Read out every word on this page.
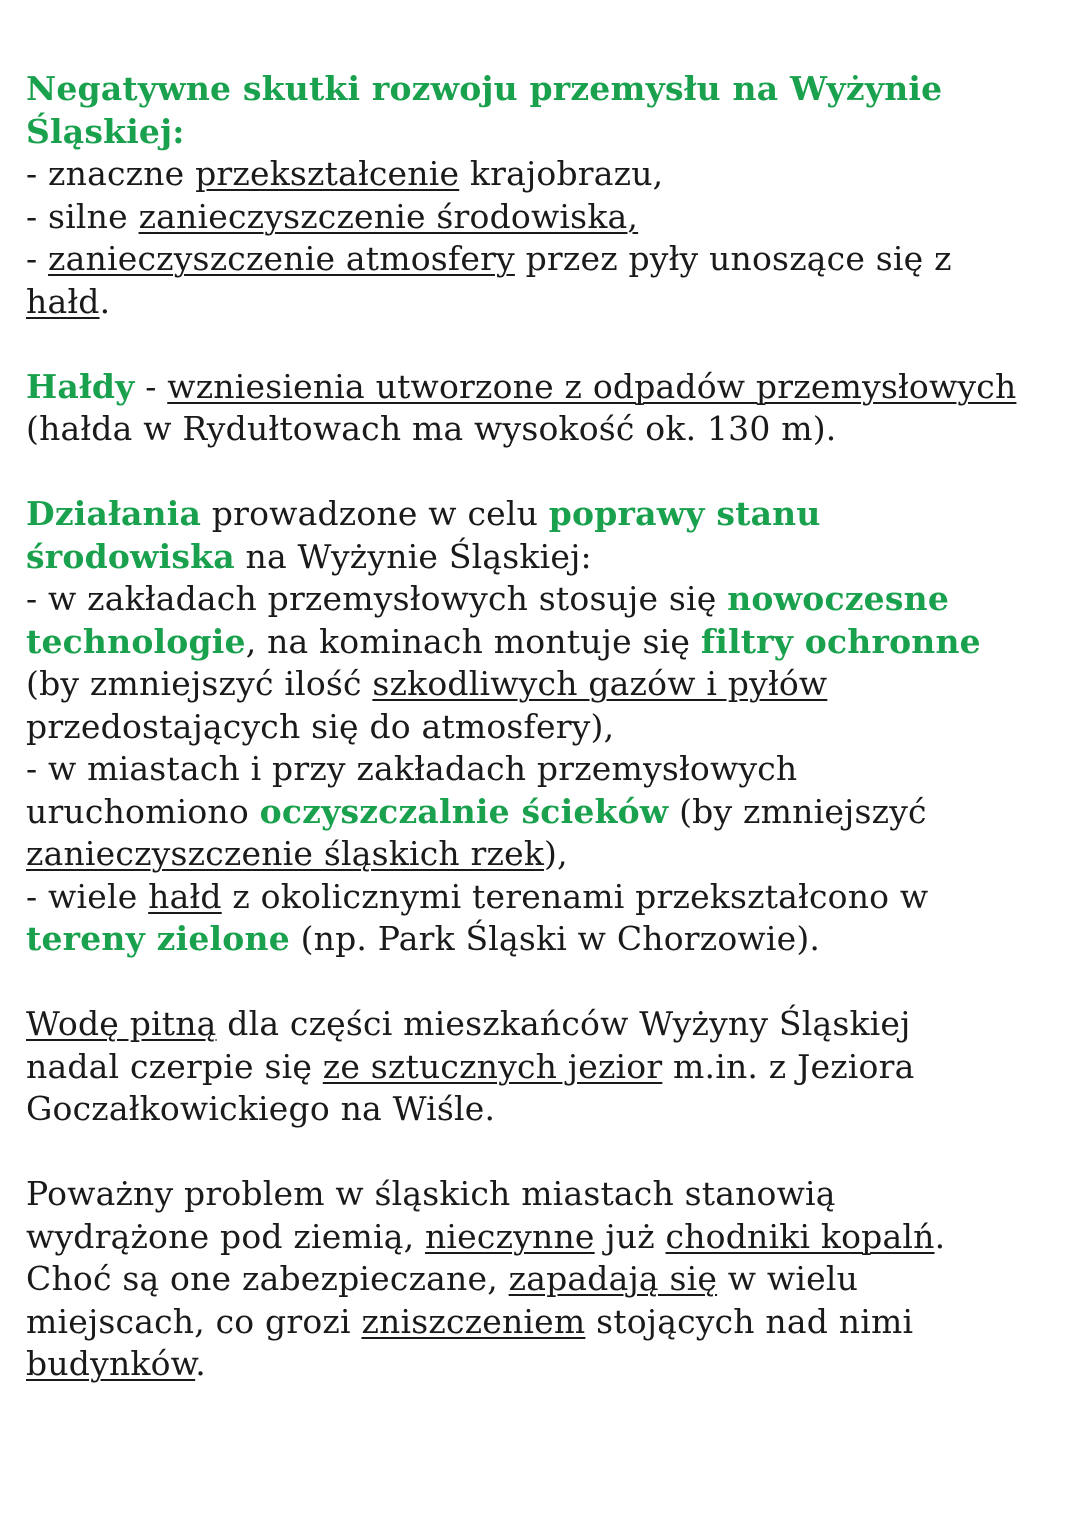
Negatywne skutki rozwoju przemysłu na Wyżynie
Śląskiej:
- znaczne przekształcenie krajobrazu,
- silne zanieczyszczenie środowiska,
- zanieczyszczenie atmosfery przez pyły unoszące się z
hałd.
Hałdy - wzniesienia utworzone z odpadów przemysłowych
(hałda w Rydułtowach ma wysokość ok. 130 m).
Działania prowadzone w celu poprawy stanu
środowiska na Wyżynie Śląskiej:
- w zakładach przemysłowych stosuje się nowoczesne
technologie, na kominach montuje się filtry ochronne
(by zmniejszyć ilość szkodliwych gazów i pyłów
przedostających się do atmosfery),
- w miastach i przy zakładach przemysłowych
uruchomiono oczyszczalnie ścieków (by zmniejszyć
zanieczyszczenie śląskich rzek),
- wiele hałd z okolicznymi terenami przekształcono w
tereny zielone (np. Park Śląski w Chorzowie).
Wodę pitną dla części mieszkańców Wyżyny Śląskiej
nadal czerpie się ze sztucznych jezior m.in. z Jeziora
Goczałkowickiego na Wiśle.
Poważny problem w śląskich miastach stanowią
wydrążone pod ziemią, nieczynne już chodniki kopalń.
Choć są one zabezpieczane, zapadają się w wielu
miejscach, co grozi zniszczeniem stojących nad nimi
budynków.
